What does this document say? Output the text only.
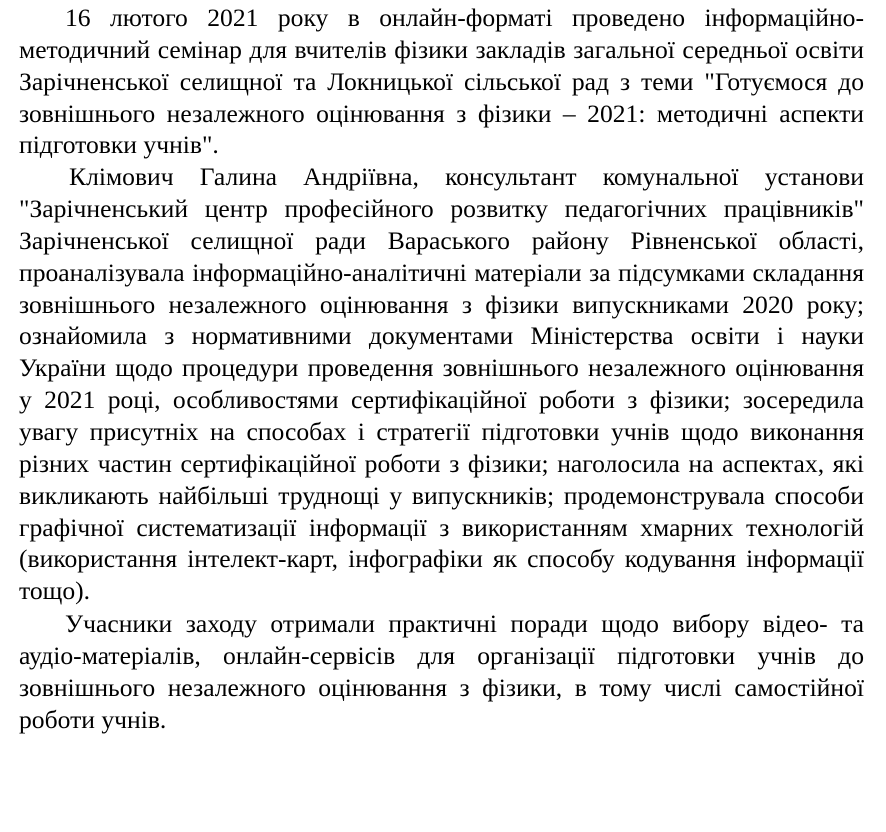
16 лютого 2021 року в онлайн-форматі проведено інформаційно-методичний семінар для вчителів фізики закладів загальної середньої освіти Зарічненської селищної та Локницької сільської рад з теми "Готуємося до зовнішнього незалежного оцінювання з фізики – 2021: методичні аспекти підготовки учнів".

Клімович Галина Андріївна, консультант комунальної установи "Зарічненський центр професійного розвитку педагогічних працівників" Зарічненської селищної ради Вараського району Рівненської області, проаналізувала інформаційно-аналітичні матеріали за підсумками складання зовнішнього незалежного оцінювання з фізики випускниками 2020 року; ознайомила з нормативними документами Міністерства освіти і науки України щодо процедури проведення зовнішнього незалежного оцінювання у 2021 році, особливостями сертифікаційної роботи з фізики; зосередила увагу присутніх на способах і стратегії підготовки учнів щодо виконання різних частин сертифікаційної роботи з фізики; наголосила на аспектах, які викликають найбільші труднощі у випускників; продемонструвала способи графічної систематизації інформації з використанням хмарних технологій (використання інтелект-карт, інфографіки як способу кодування інформації тощо).

Учасники заходу отримали практичні поради щодо вибору відео- та аудіо-матеріалів, онлайн-сервісів для організації підготовки учнів до зовнішнього незалежного оцінювання з фізики, в тому числі самостійної роботи учнів.
